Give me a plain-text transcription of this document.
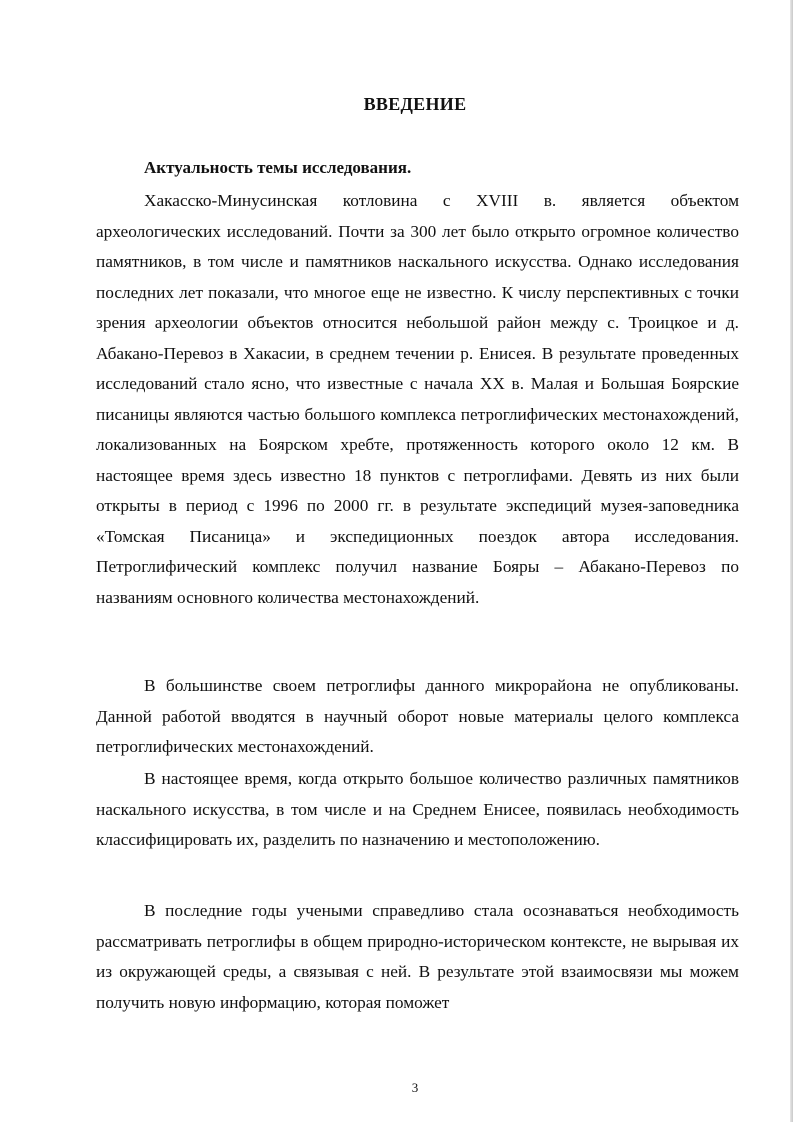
ВВЕДЕНИЕ
Актуальность темы исследования.

Хакасско-Минусинская котловина с XVIII в. является объектом археологических исследований. Почти за 300 лет было открыто огромное количество памятников, в том числе и памятников наскального искусства. Однако исследования последних лет показали, что многое еще не известно. К числу перспективных с точки зрения археологии объектов относится небольшой район между с. Троицкое и д. Абакано-Перевоз в Хакасии, в среднем течении р. Енисея. В результате проведенных исследований стало ясно, что известные с начала XX в. Малая и Большая Боярские писаницы являются частью большого комплекса петроглифических местонахождений, локализованных на Боярском хребте, протяженность которого около 12 км. В настоящее время здесь известно 18 пунктов с петроглифами. Девять из них были открыты в период с 1996 по 2000 гг. в результате экспедиций музея-заповедника «Томская Писаница» и экспедиционных поездок автора исследования. Петроглифический комплекс получил название Бояры – Абакано-Перевоз по названиям основного количества местонахождений.

В большинстве своем петроглифы данного микрорайона не опубликованы. Данной работой вводятся в научный оборот новые материалы целого комплекса петроглифических местонахождений.

В настоящее время, когда открыто большое количество различных памятников наскального искусства, в том числе и на Среднем Енисее, появилась необходимость классифицировать их, разделить по назначению и местоположению.

В последние годы учеными справедливо стала осознаваться необходимость рассматривать петроглифы в общем природно-историческом контексте, не вырывая их из окружающей среды, а связывая с ней. В результате этой взаимосвязи мы можем получить новую информацию, которая поможет

3
